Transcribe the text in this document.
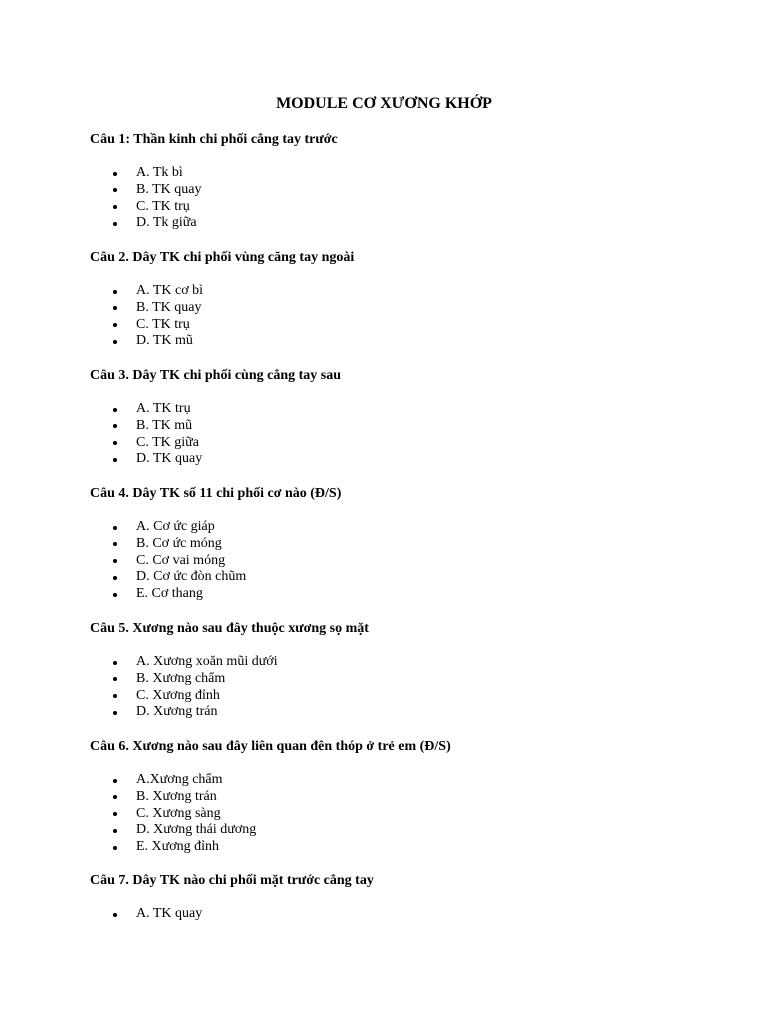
MODULE CƠ XƯƠNG KHỚP

Câu 1: Thần kinh chi phối cẳng tay trước

A. Tk bì
B. TK quay
C. TK trụ
D. Tk giữa

Câu 2. Dây TK chi phối vùng căng tay ngoài

A. TK cơ bì
B. TK quay
C. TK trụ
D. TK mũ

Câu 3. Dây TK chi phối cùng cẳng tay sau

A. TK trụ
B. TK mũ
C. TK giữa
D. TK quay

Câu 4. Dây TK số 11 chi phối cơ nào (Đ/S)

A. Cơ ức giáp
B. Cơ ức móng
C. Cơ vai móng
D. Cơ ức đòn chũm
E. Cơ thang

Câu 5. Xương nào sau đây thuộc xương sọ mặt

A. Xương xoăn mũi dưới
B. Xương chẩm
C. Xương đỉnh
D. Xương trán

Câu 6. Xương nào sau đây liên quan đên thóp ở trẻ em (Đ/S)

A.Xương chẩm
B. Xương trán
C. Xương sàng
D. Xương thái dương
E. Xương đỉnh

Câu 7. Dây TK nào chi phối mặt trước cẳng tay

A. TK quay
